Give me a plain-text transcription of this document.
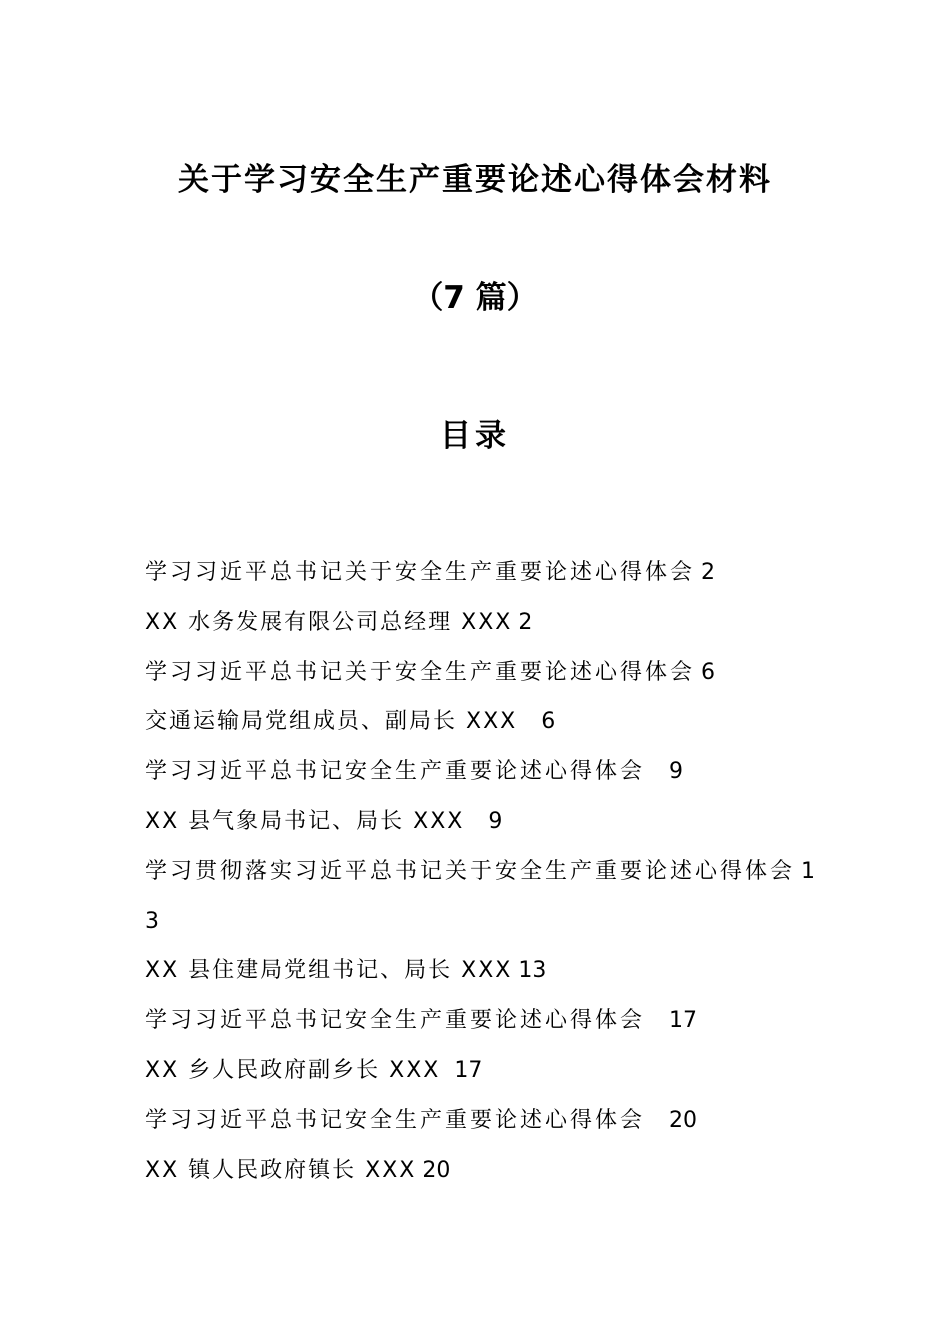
关于学习安全生产重要论述心得体会材料
（7 篇）
目录
学习习近平总书记关于安全生产重要论述心得体会 2
XX 水务发展有限公司总经理 XXX 2
学习习近平总书记关于安全生产重要论述心得体会 6
交通运输局党组成员、副局长 XXX 6
学习习近平总书记安全生产重要论述心得体会 9
XX 县气象局书记、局长 XXX 9
学习贯彻落实习近平总书记关于安全生产重要论述心得体会 13
XX 县住建局党组书记、局长 XXX 13
学习习近平总书记安全生产重要论述心得体会 17
XX 乡人民政府副乡长 XXX 17
学习习近平总书记安全生产重要论述心得体会 20
XX 镇人民政府镇长 XXX 20
